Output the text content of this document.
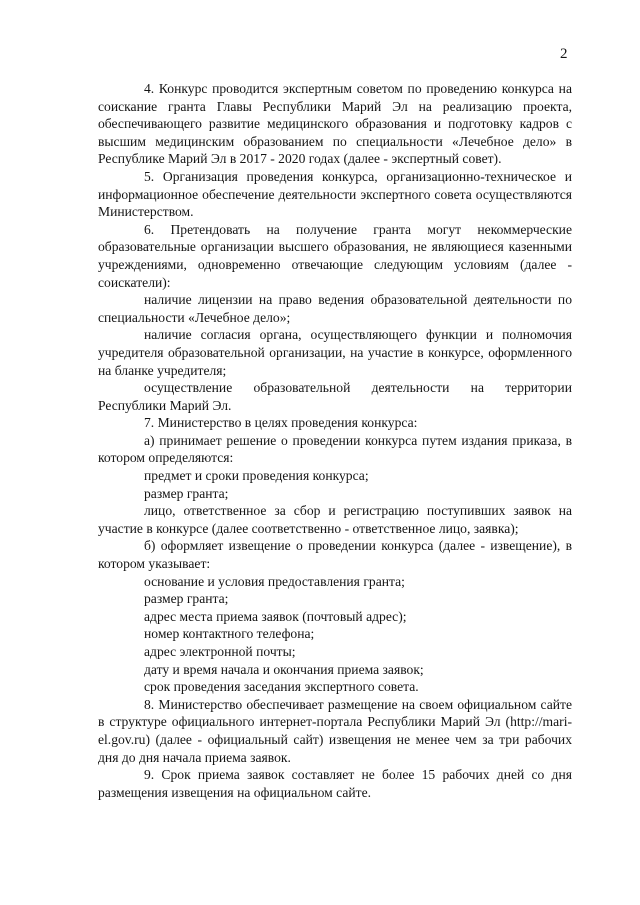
2

4. Конкурс проводится экспертным советом по проведению конкурса на соискание гранта Главы Республики Марий Эл на реализацию проекта, обеспечивающего развитие медицинского образования и подготовку кадров с высшим медицинским образованием по специальности «Лечебное дело» в Республике Марий Эл в 2017 - 2020 годах (далее - экспертный совет).

5. Организация проведения конкурса, организационно-техническое и информационное обеспечение деятельности экспертного совета осуществляются Министерством.

6. Претендовать на получение гранта могут некоммерческие образовательные организации высшего образования, не являющиеся казенными учреждениями, одновременно отвечающие следующим условиям (далее - соискатели):

наличие лицензии на право ведения образовательной деятельности по специальности «Лечебное дело»;

наличие согласия органа, осуществляющего функции и полномочия учредителя образовательной организации, на участие в конкурсе, оформленного на бланке учредителя;

осуществление образовательной деятельности на территории Республики Марий Эл.

7. Министерство в целях проведения конкурса:

а) принимает решение о проведении конкурса путем издания приказа, в котором определяются:

предмет и сроки проведения конкурса;

размер гранта;

лицо, ответственное за сбор и регистрацию поступивших заявок на участие в конкурсе (далее соответственно - ответственное лицо, заявка);

б) оформляет извещение о проведении конкурса (далее - извещение), в котором указывает:

основание и условия предоставления гранта;

размер гранта;

адрес места приема заявок (почтовый адрес);

номер контактного телефона;

адрес электронной почты;

дату и время начала и окончания приема заявок;

срок проведения заседания экспертного совета.

8. Министерство обеспечивает размещение на своем официальном сайте в структуре официального интернет-портала Республики Марий Эл (http://mari-el.gov.ru) (далее - официальный сайт) извещения не менее чем за три рабочих дня до дня начала приема заявок.

9. Срок приема заявок составляет не более 15 рабочих дней со дня размещения извещения на официальном сайте.
